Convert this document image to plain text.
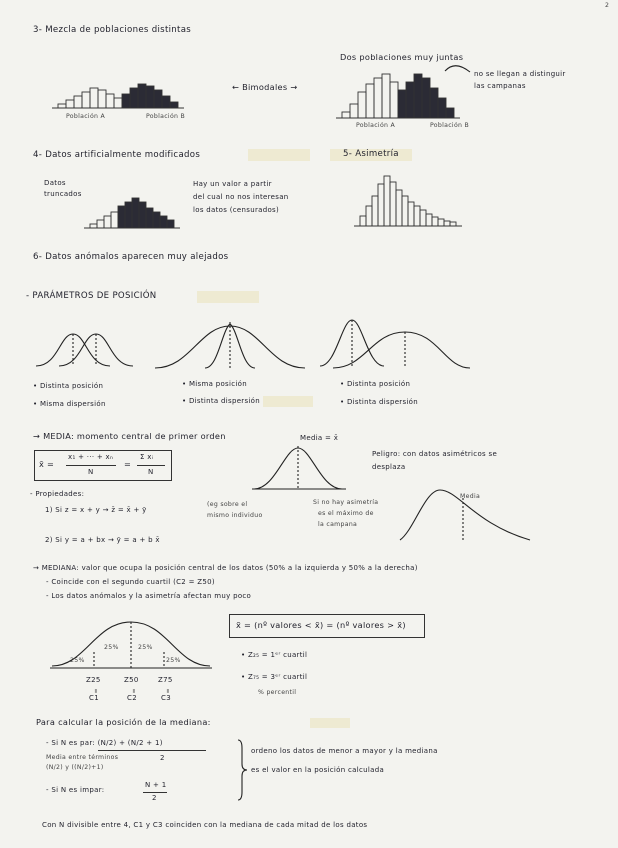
2
3- Mezcla de poblaciones distintas
← Bimodales →
Dos poblaciones muy juntas
no se llegan a distinguir
las campanas
Población A	Población B
Población A	Población B
4- Datos artificialmente modificados	5- Asimetría
Datos
truncados
Hay un valor a partir
del cual no nos interesan
los datos (censurados)
6- Datos anómalos aparecen muy alejados
- PARÁMETROS DE POSICIÓN
• Distinta posición
• Misma dispersión
• Misma posición
• Distinta dispersión
• Distinta posición
• Distinta dispersión
→ MEDIA: momento central de primer orden
x̄ =
x₁ + ··· + xₙ
N
=
Σ xᵢ
N
Media = x̄
Peligro: con datos asimétricos se
desplaza
- Propiedades:
1) Si z = x + y → z̄ = x̄ + ȳ
(eg sobre el
mismo individuo
2) Si y = a + bx → ȳ = a + b x̄
Si no hay asimetría
es el máximo de
la campana
Media
→ MEDIANA: valor que ocupa la posición central de los datos (50% a la izquierda y 50% a la derecha)
- Coincide con el segundo cuartil (C2 = Z50)
- Los datos anómalos y la asimetría afectan muy poco
25%
25%	25%
25%
Z25	Z50	Z75
=	=	=
C1	C2	C3
x̃ = (nº valores < x̃) = (nº valores > x̃)
• Z₂₅ = 1ᵉʳ cuartil
• Z₇₅ = 3ᵉʳ cuartil
% percentil
Para calcular la posición de la mediana:
- Si N es par: (N/2) + (N/2 + 1)
2
Media entre términos
(N/2) y ((N/2)+1)
- Si N es impar:
N + 1
2
ordeno los datos de menor a mayor y la mediana
es el valor en la posición calculada
Con N divisible entre 4, C1 y C3 coinciden con la mediana de cada mitad de los datos
